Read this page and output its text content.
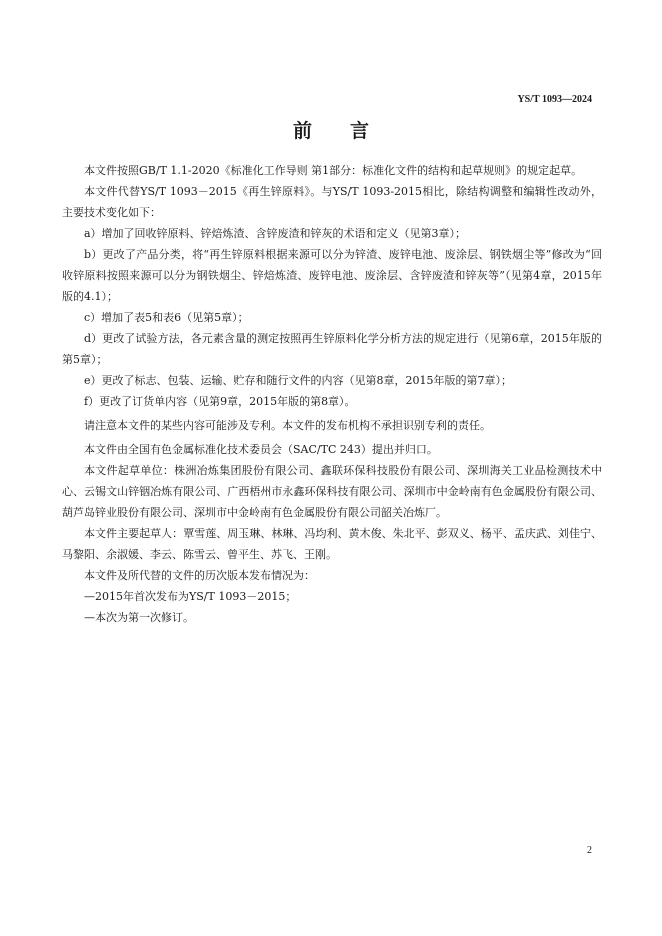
YS/T 1093—2024
前　　言

本文件按照GB/T 1.1-2020《标准化工作导则 第1部分：标准化文件的结构和起草规则》的规定起草。

本文件代替YS/T 1093－2015《再生锌原料》。与YS/T 1093-2015相比，除结构调整和编辑性改动外，主要技术变化如下：

a）增加了回收锌原料、锌焙炼渣、含锌废渣和锌灰的术语和定义（见第3章）；

b）更改了产品分类，将“再生锌原料根据来源可以分为锌渣、废锌电池、废涂层、钢铁烟尘等”修改为“回收锌原料按照来源可以分为钢铁烟尘、锌焙炼渣、废锌电池、废涂层、含锌废渣和锌灰等”（见第4章，2015年版的4.1）；

c）增加了表5和表6（见第5章）；

d）更改了试验方法，各元素含量的测定按照再生锌原料化学分析方法的规定进行（见第6章，2015年版的第5章）；

e）更改了标志、包装、运输、贮存和随行文件的内容（见第8章，2015年版的第7章）；

f）更改了订货单内容（见第9章，2015年版的第8章）。

请注意本文件的某些内容可能涉及专利。本文件的发布机构不承担识别专利的责任。

本文件由全国有色金属标准化技术委员会（SAC/TC 243）提出并归口。

本文件起草单位：株洲冶炼集团股份有限公司、鑫联环保科技股份有限公司、深圳海关工业品检测技术中心、云锡文山锌铟冶炼有限公司、广西梧州市永鑫环保科技有限公司、深圳市中金岭南有色金属股份有限公司、葫芦岛锌业股份有限公司、深圳市中金岭南有色金属股份有限公司韶关冶炼厂。

本文件主要起草人：覃雪莲、周玉琳、林琳、冯均利、黄木俊、朱北平、彭双义、杨平、孟庆武、刘佳宁、马黎阳、余淑媛、李云、陈雪云、曾平生、苏飞、王刚。

本文件及所代替的文件的历次版本发布情况为：

—2015年首次发布为YS/T 1093－2015；

—本次为第一次修订。

2
